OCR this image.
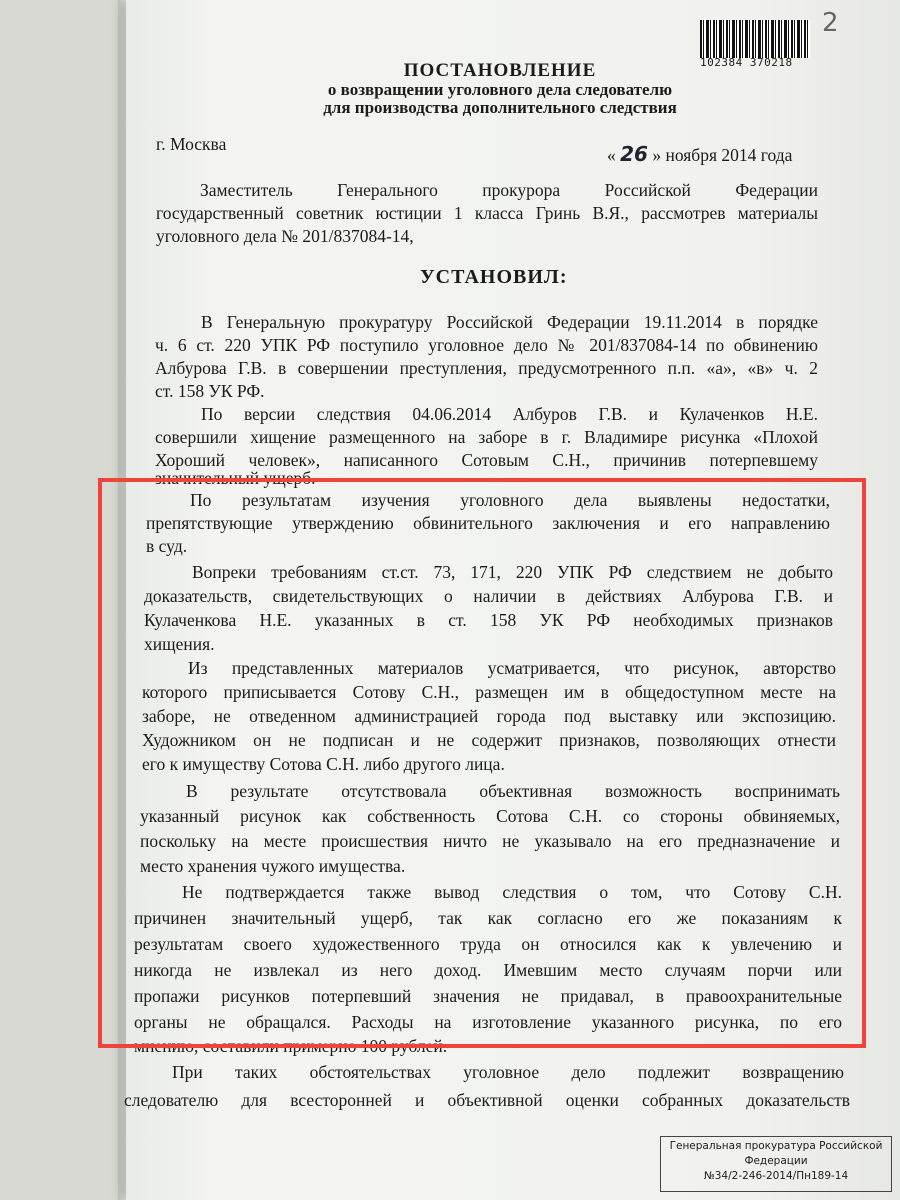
2
102384 370218
ПОСТАНОВЛЕНИЕ
о возвращении уголовного дела следователю
для производства дополнительного следствия
г. Москва
« 26 » ноября 2014 года
Заместитель Генерального прокурора Российской Федерации
государственный советник юстиции 1 класса Гринь В.Я., рассмотрев материалы
уголовного дела № 201/837084-14,
УСТАНОВИЛ:
В Генеральную прокуратуру Российской Федерации 19.11.2014 в порядке
ч. 6 ст. 220 УПК РФ поступило уголовное дело № 201/837084-14 по обвинению
Албурова Г.В. в совершении преступления, предусмотренного п.п. «а», «в» ч. 2
ст. 158 УК РФ.
По версии следствия 04.06.2014 Албуров Г.В. и Кулаченков Н.Е.
совершили хищение размещенного на заборе в г. Владимире рисунка «Плохой
Хороший человек», написанного Сотовым С.Н., причинив потерпевшему
значительный ущерб.
По результатам изучения уголовного дела выявлены недостатки,
препятствующие утверждению обвинительного заключения и его направлению
в суд.
Вопреки требованиям ст.ст. 73, 171, 220 УПК РФ следствием не добыто
доказательств, свидетельствующих о наличии в действиях Албурова Г.В. и
Кулаченкова Н.Е. указанных в ст. 158 УК РФ необходимых признаков
хищения.
Из представленных материалов усматривается, что рисунок, авторство
которого приписывается Сотову С.Н., размещен им в общедоступном месте на
заборе, не отведенном администрацией города под выставку или экспозицию.
Художником он не подписан и не содержит признаков, позволяющих отнести
его к имуществу Сотова С.Н. либо другого лица.
В результате отсутствовала объективная возможность воспринимать
указанный рисунок как собственность Сотова С.Н. со стороны обвиняемых,
поскольку на месте происшествия ничто не указывало на его предназначение и
место хранения чужого имущества.
Не подтверждается также вывод следствия о том, что Сотову С.Н.
причинен значительный ущерб, так как согласно его же показаниям к
результатам своего художественного труда он относился как к увлечению и
никогда не извлекал из него доход. Имевшим место случаям порчи или
пропажи рисунков потерпевший значения не придавал, в правоохранительные
органы не обращался. Расходы на изготовление указанного рисунка, по его
мнению, составили примерно 100 рублей.
При таких обстоятельствах уголовное дело подлежит возвращению
следователю для всесторонней и объективной оценки собранных доказательств
Генеральная прокуратура Российской
Федерации
№34/2-246-2014/Пн189-14
